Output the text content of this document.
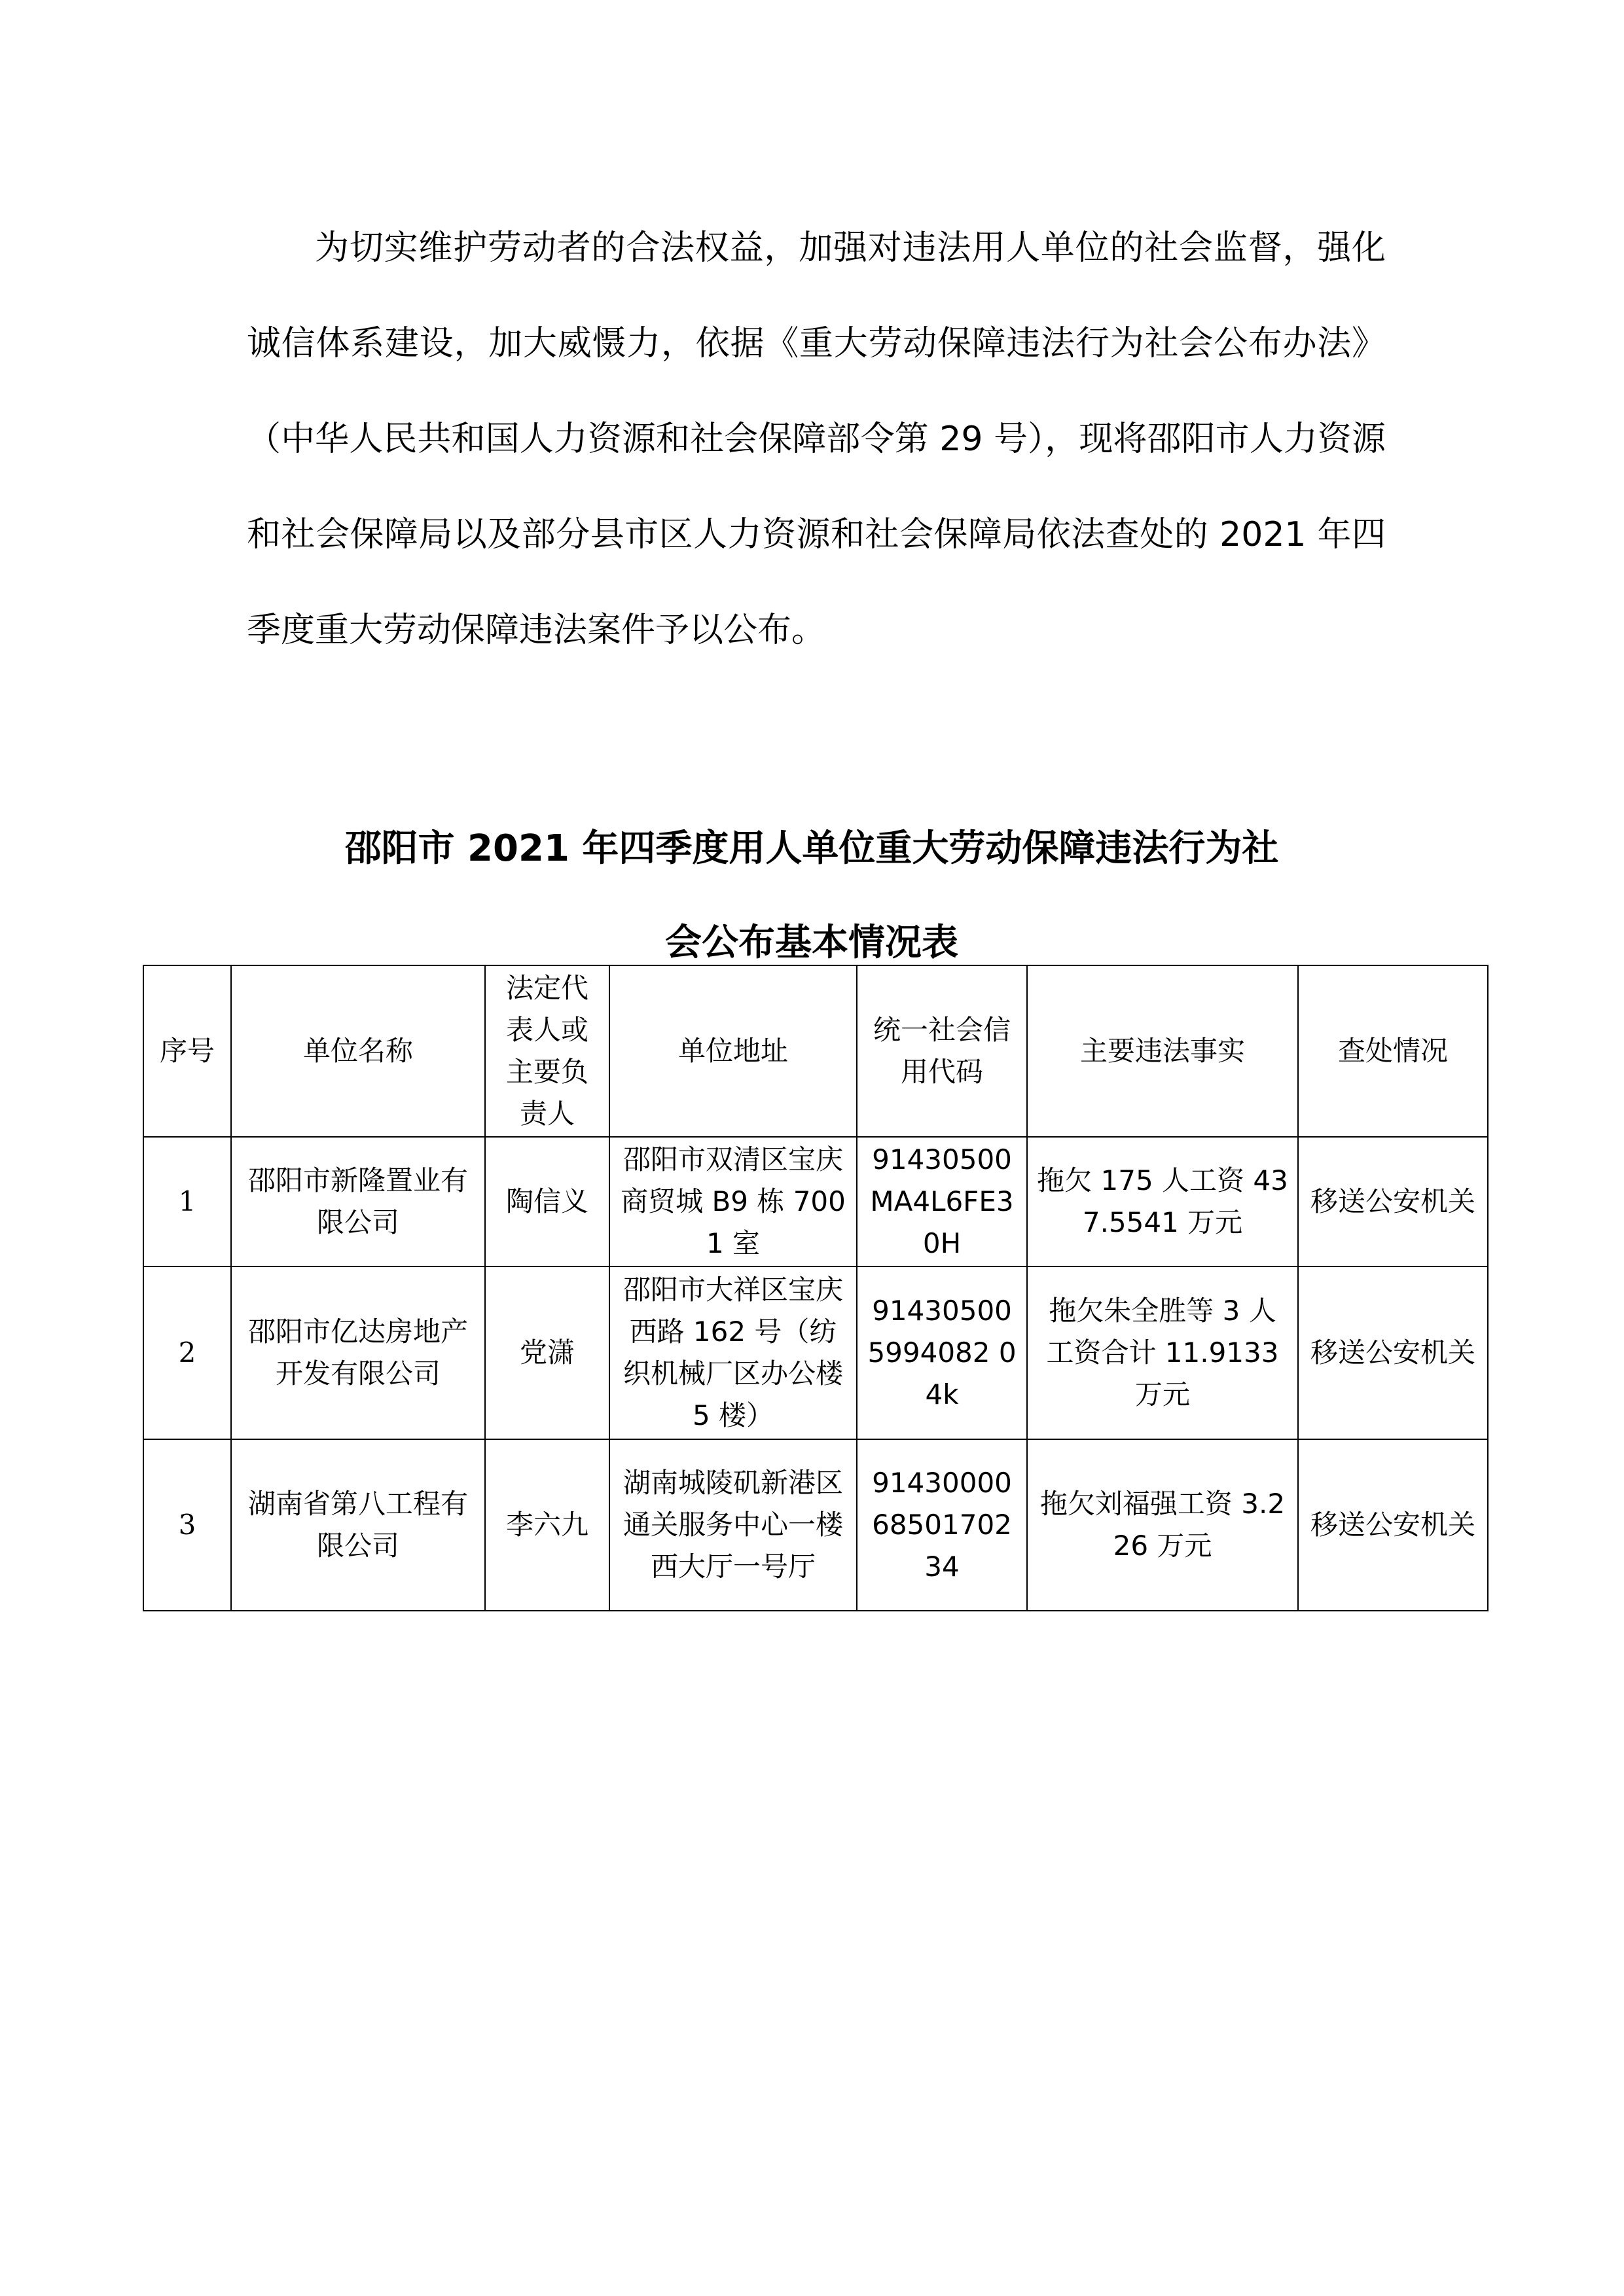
为切实维护劳动者的合法权益，加强对违法用人单位的社会监督，强化诚信体系建设，加大威慑力，依据《重大劳动保障违法行为社会公布办法》（中华人民共和国人力资源和社会保障部令第 29 号），现将邵阳市人力资源和社会保障局以及部分县市区人力资源和社会保障局依法查处的 2021 年四季度重大劳动保障违法案件予以公布。

邵阳市 2021 年四季度用人单位重大劳动保障违法行为社
会公布基本情况表
序号	单位名称	法定代表人或主要负责人	单位地址	统一社会信用代码	主要违法事实	查处情况
1	邵阳市新隆置业有限公司	陶信义	邵阳市双清区宝庆商贸城 B9 栋 7001 室	91430500MA4L6FE30H	拖欠 175 人工资 437.5541 万元	移送公安机关
2	邵阳市亿达房地产开发有限公司	党潇	邵阳市大祥区宝庆西路 162 号（纺织机械厂区办公楼 5 楼）	914305005994082 04k	拖欠朱全胜等 3 人工资合计 11.9133 万元	移送公安机关
3	湖南省第八工程有限公司	李六九	湖南城陵矶新港区通关服务中心一楼西大厅一号厅	914300006850170234	拖欠刘福强工资 3.226 万元	移送公安机关
